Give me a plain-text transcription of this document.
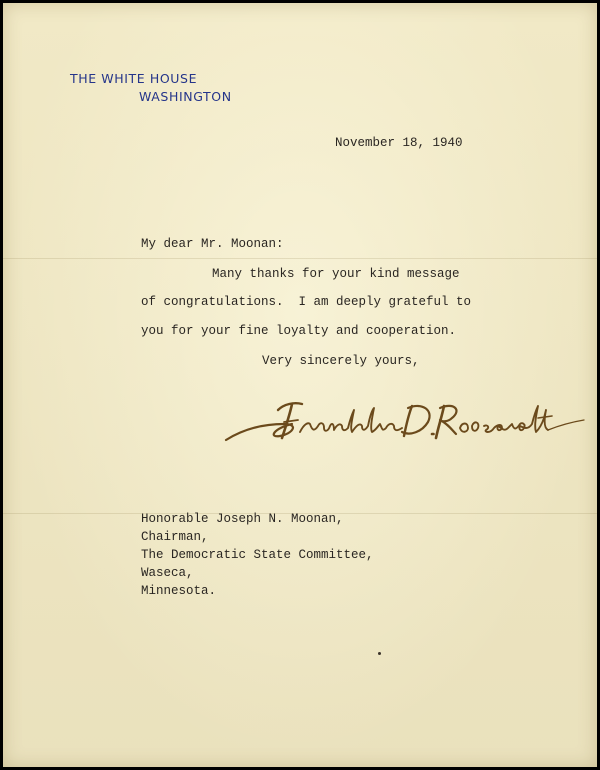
THE WHITE HOUSE
WASHINGTON
November 18, 1940
My dear Mr. Moonan:
Many thanks for your kind message
of congratulations.  I am deeply grateful to
you for your fine loyalty and cooperation.
Very sincerely yours,
Honorable Joseph N. Moonan,
Chairman,
The Democratic State Committee,
Waseca,
Minnesota.
